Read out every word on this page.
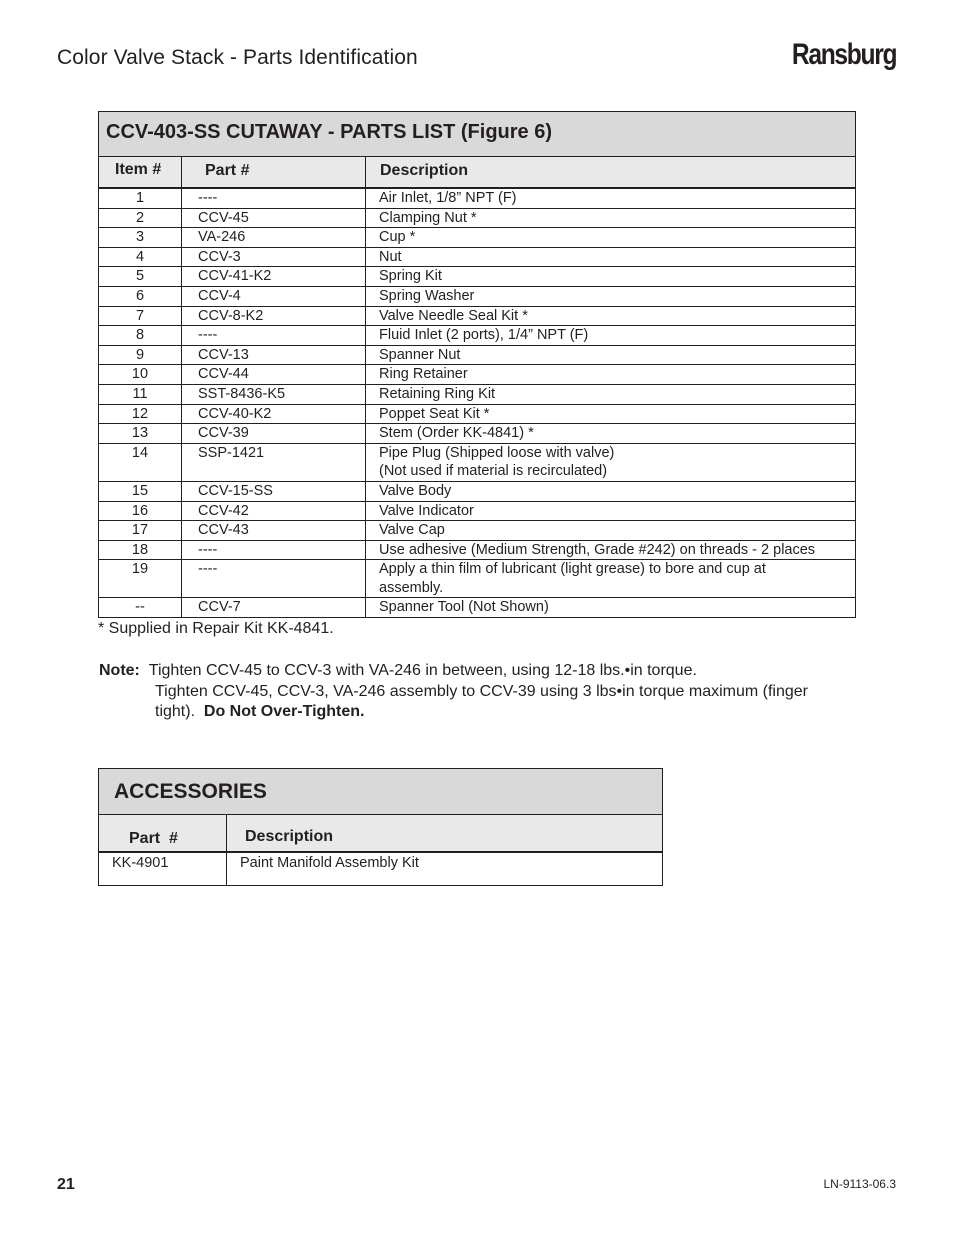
Color Valve Stack - Parts Identification	Ransburg
CCV-403-SS CUTAWAY - PARTS LIST (Figure 6)
Item #	Part #	Description
1	----	Air Inlet, 1/8” NPT (F)
2	CCV-45	Clamping Nut *
3	VA-246	Cup *
4	CCV-3	Nut
5	CCV-41-K2	Spring Kit
6	CCV-4	Spring Washer
7	CCV-8-K2	Valve Needle Seal Kit *
8	----	Fluid Inlet (2 ports), 1/4” NPT (F)
9	CCV-13	Spanner Nut
10	CCV-44	Ring Retainer
11	SST-8436-K5	Retaining Ring Kit
12	CCV-40-K2	Poppet Seat Kit *
13	CCV-39	Stem (Order KK-4841) *
14	SSP-1421	Pipe Plug (Shipped loose with valve)
(Not used if material is recirculated)
15	CCV-15-SS	Valve Body
16	CCV-42	Valve Indicator
17	CCV-43	Valve Cap
18	----	Use adhesive (Medium Strength, Grade #242) on threads - 2 places
19	----	Apply a thin film of lubricant (light grease) to bore and cup at
assembly.
--	CCV-7	Spanner Tool (Not Shown)
* Supplied in Repair Kit KK-4841.
Note: Tighten CCV-45 to CCV-3 with VA-246 in between, using 12-18 lbs.•in torque.
Tighten CCV-45, CCV-3, VA-246 assembly to CCV-39 using 3 lbs•in torque maximum (finger tight). Do Not Over-Tighten.
ACCESSORIES
Part  #	Description
KK-4901	Paint Manifold Assembly Kit
21	LN-9113-06.3
